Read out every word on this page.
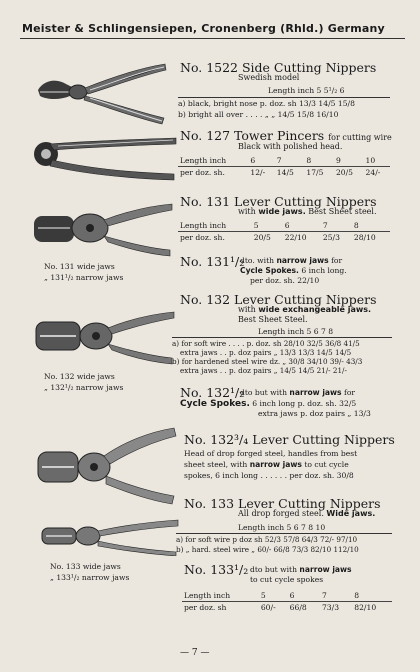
Meister & Schlingensiepen, Cronenberg (Rhld.) Germany
No. 1522 Side Cutting Nippers
Swedish model
Length inch 5 5¹/₂ 6
a) black, bright nose p. doz. sh 13/3 14/5 15/8
b) bright all over . . . . „ „ 14/5 15/8 16/10
No. 127 Tower Pincers for cutting wire
Black with polished head.
Length inch	6	7	8	9	10
per doz. sh.	12/-	14/5	17/5	20/5	24/-
No. 131 wide jaws
„ 131¹/₂ narrow jaws
No. 131 Lever Cutting Nippers
with wide jaws. Best Sheet steel.
Length inch	5	6	7	8
per doz. sh.	20/5	22/10	25/3	28/10
No. 131¹/₂
dto. with narrow jaws for
Cycle Spokes. 6 inch long.
per doz. sh. 22/10
No. 132 wide jaws
„ 132¹/₂ narrow jaws
No. 132 Lever Cutting Nippers
with wide exchangeable jaws.
Best Sheet Steel.
Length inch 5 6 7 8
a) for soft wire . . . . p. doz. sh 28/10 32/5 36/8 41/5
extra jaws . . p. doz pairs „ 13/3 13/3 14/5 14/5
b) for hardened steel wire dz. „ 30/8 34/10 39/- 43/3
extra jaws . . p. doz pairs „ 14/5 14/5 21/- 21/-
No. 132¹/₂
dto but with narrow jaws for
Cycle Spokes. 6 inch long p. doz. sh. 32/5
extra jaws p. doz pairs „ 13/3
No. 132³/₄ Lever Cutting Nippers
Head of drop forged steel, handles from best
sheet steel, with narrow jaws to cut cycle
spokes, 6 inch long . . . . . . per doz. sh. 30/8
No. 133 wide jaws
„ 133¹/₂ narrow jaws
No. 133 Lever Cutting Nippers
All drop forged steel. Wide jaws.
Length inch 5 6 7 8 10
a) for soft wire p doz sh 52/3 57/8 64/3 72/- 97/10
b) „ hard. steel wire „ 60/- 66/8 73/3 82/10 112/10
No. 133¹/₂ dto but with narrow jaws
to cut cycle spokes
Length inch	5	6	7	8
per doz. sh	60/-	66/8	73/3	82/10
— 7 —
